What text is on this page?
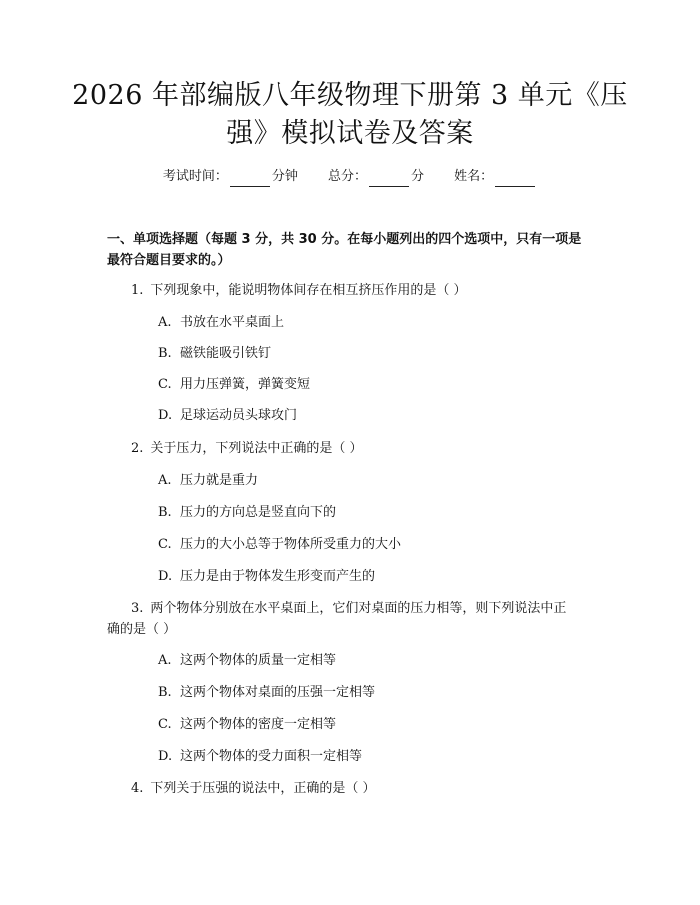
2026 年部编版八年级物理下册第 3 单元《压
强》模拟试卷及答案
考试时间：	分钟 总分：	分 姓名：
一、单项选择题（每题 3 分，共 30 分。在每小题列出的四个选项中，只有一项是
最符合题目要求的。）
1. 下列现象中，能说明物体间存在相互挤压作用的是（ ）
A. 书放在水平桌面上
B. 磁铁能吸引铁钉
C. 用力压弹簧，弹簧变短
D. 足球运动员头球攻门
2. 关于压力，下列说法中正确的是（ ）
A. 压力就是重力
B. 压力的方向总是竖直向下的
C. 压力的大小总等于物体所受重力的大小
D. 压力是由于物体发生形变而产生的
3. 两个物体分别放在水平桌面上，它们对桌面的压力相等，则下列说法中正
确的是（ ）
A. 这两个物体的质量一定相等
B. 这两个物体对桌面的压强一定相等
C. 这两个物体的密度一定相等
D. 这两个物体的受力面积一定相等
4. 下列关于压强的说法中，正确的是（ ）
